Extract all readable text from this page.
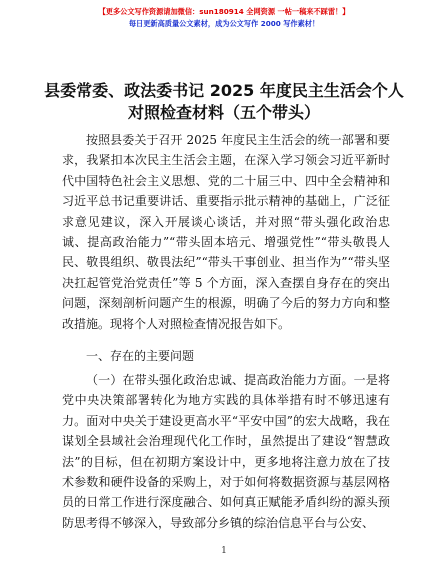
【更多公文写作资源请加微信：sun180914 全网资源 一帖一稿来不踩雷！】
每日更新高质量公文素材，成为公文写作 2000 写作素材！
县委常委、政法委书记 2025 年度民主生活会个人对照检查材料（五个带头）
按照县委关于召开 2025 年度民主生活会的统一部署和要求，我紧扣本次民主生活会主题，在深入学习领会习近平新时代中国特色社会主义思想、党的二十届三中、四中全会精神和习近平总书记重要讲话、重要指示批示精神的基础上，广泛征求意见建议，深入开展谈心谈话，并对照“带头强化政治忠诚、提高政治能力”“带头固本培元、增强党性”“带头敬畏人民、敬畏组织、敬畏法纪”“带头干事创业、担当作为”“带头坚决扛起管党治党责任”等 5 个方面，深入查摆自身存在的突出问题，深刻剖析问题产生的根源，明确了今后的努力方向和整改措施。现将个人对照检查情况报告如下。
一、存在的主要问题
（一）在带头强化政治忠诚、提高政治能力方面。一是将党中央决策部署转化为地方实践的具体举措有时不够迅速有力。面对中央关于建设更高水平“平安中国”的宏大战略，我在谋划全县域社会治理现代化工作时，虽然提出了建设“智慧政法”的目标，但在初期方案设计中，更多地将注意力放在了技术参数和硬件设备的采购上，对于如何将数据资源与基层网格员的日常工作进行深度融合、如何真正赋能矛盾纠纷的源头预防思考得不够深入，导致部分乡镇的综治信息平台与公安、
1
